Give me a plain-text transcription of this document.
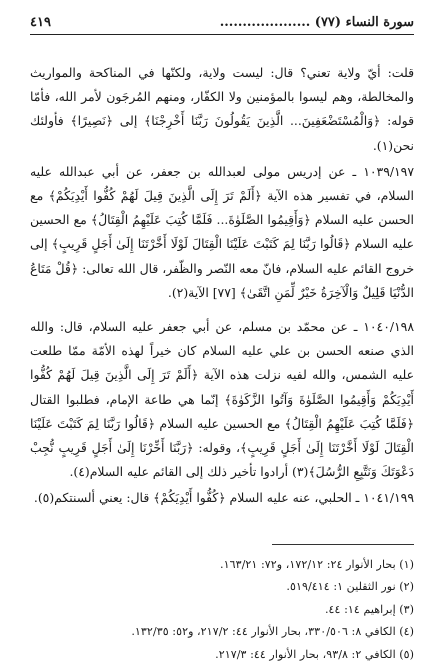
سورة النساء (٧٧) ....................
٤١٩

قلت: أيّ ولاية تعني؟ قال: ليست ولاية، ولكنّها في المناكحة والمواريث والمخالطة، وهم ليسوا بالمؤمنين ولا الكفّار، ومنهم المُرجَون لأمر الله، فأمّا قوله: ﴿وَالْمُسْتَضْعَفِينَ... الَّذِينَ يَقُولُونَ رَبَّنَا أَخْرِجْنَا﴾ إلى ﴿نَصِيرًا﴾ فأولئك نحن(١).

١٠٣٩/١٩٧ ـ عن إدريس مولى لعبدالله بن جعفر، عن أبي عبدالله عليه السلام، في تفسير هذه الآية ﴿أَلَمْ تَرَ إِلَى الَّذِينَ قِيلَ لَهُمْ كُفُّوا أَيْدِيَكُمْ﴾ مع الحسن عليه السلام ﴿وَأَقِيمُوا الصَّلَوٰةَ... فَلَمَّا كُتِبَ عَلَيْهِمُ الْقِتَالُ﴾ مع الحسين عليه السلام ﴿قَالُوا رَبَّنَا لِمَ كَتَبْتَ عَلَيْنَا الْقِتَالَ لَوْلَا أَخَّرْتَنَا إِلَىٰ أَجَلٍ قَرِيبٍ﴾ إلى خروج القائم عليه السلام، فانّ معه النّصر والظّفر، قال الله تعالى: ﴿قُلْ مَتَاعُ الدُّنْيَا قَلِيلٌ وَالْآخِرَةُ خَيْرٌ لِّمَنِ اتَّقَىٰ﴾ [٧٧] الآية(٢).

١٠٤٠/١٩٨ ـ عن محمّد بن مسلم، عن أبي جعفر عليه السلام، قال: والله الذي صنعه الحسن بن علي عليه السلام كان خيراً لهذه الأمّة ممّا طلعت عليه الشمس، والله لفيه نزلت هذه الآية ﴿أَلَمْ تَرَ إِلَى الَّذِينَ قِيلَ لَهُمْ كُفُّوا أَيْدِيَكُمْ وَأَقِيمُوا الصَّلَوٰةَ وَآتُوا الزَّكَوٰةَ﴾ إنّما هي طاعة الإمام، فطلبوا القتال ﴿فَلَمَّا كُتِبَ عَلَيْهِمُ الْقِتَالُ﴾ مع الحسين عليه السلام ﴿قَالُوا رَبَّنَا لِمَ كَتَبْتَ عَلَيْنَا الْقِتَالَ لَوْلَا أَخَّرْتَنَا إِلَىٰ أَجَلٍ قَرِيبٍ﴾، وقوله: ﴿رَبَّنَا أَخِّرْنَا إِلَىٰ أَجَلٍ قَرِيبٍ نُّجِبْ دَعْوَتَكَ وَنَتَّبِعِ الرُّسُلَ﴾(٣) أرادوا تأخير ذلك إلى القائم عليه السلام(٤).

١٠٤١/١٩٩ ـ الحلبي، عنه عليه السلام ﴿كُفُّوا أَيْدِيَكُمْ﴾ قال: يعني ألسنتكم(٥).

(١) بحار الأنوار ٢٤: ١٧٢/١٢، و٧٢: ١٦٣/٢١.
(٢) نور الثقلين ١: ٥١٩/٤١٤.
(٣) إبراهيم ١٤: ٤٤.
(٤) الكافي ٨: ٣٣٠/٥٠٦، بحار الأنوار ٤٤: ٢١٧/٢، و٥٢: ١٣٢/٣٥.
(٥) الكافي ٢: ٩٣/٨، بحار الأنوار ٤٤: ٢١٧/٣.
